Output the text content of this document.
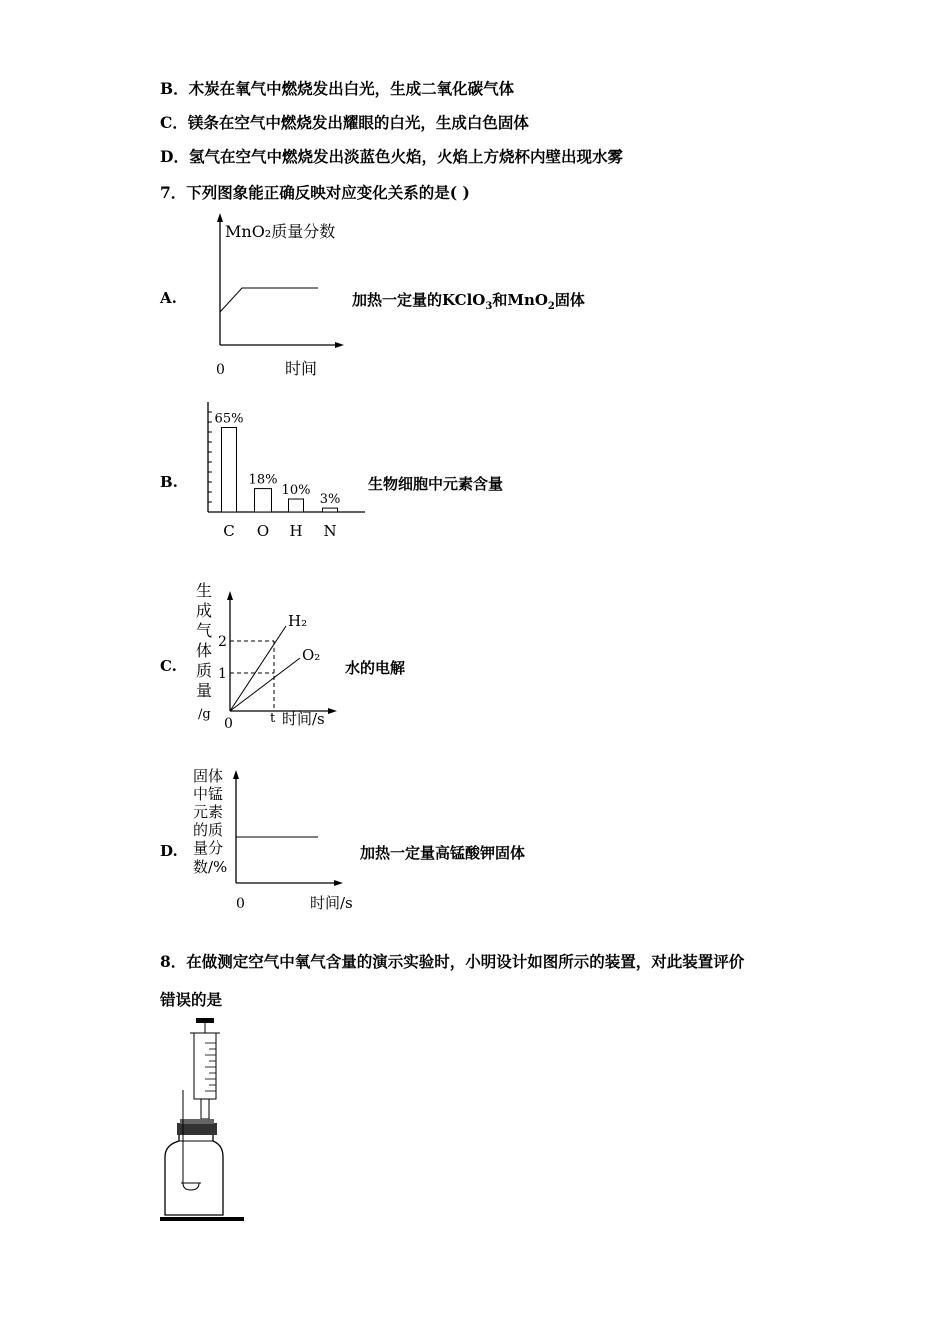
B．木炭在氧气中燃烧发出白光，生成二氧化碳气体
C．镁条在空气中燃烧发出耀眼的白光，生成白色固体
D．氢气在空气中燃烧发出淡蓝色火焰，火焰上方烧杯内壁出现水雾
7．下列图象能正确反映对应变化关系的是( )
A.
MnO₂质量分数
0	时间
加热一定量的KClO$_3$和MnO$_2$固体
B.
65%
C
18%
O
10%
H
3%
N
生物细胞中元素含量
C.
生
成
气
体
质
量
/g
2
1
0	t 时间/s
H₂
O₂
水的电解
D.
固体
中锰
元素
的质
量分
数/%
0	时间/s
加热一定量高锰酸钾固体
8．在做测定空气中氧气含量的演示实验时，小明设计如图所示的装置，对此装置评价
错误的是
